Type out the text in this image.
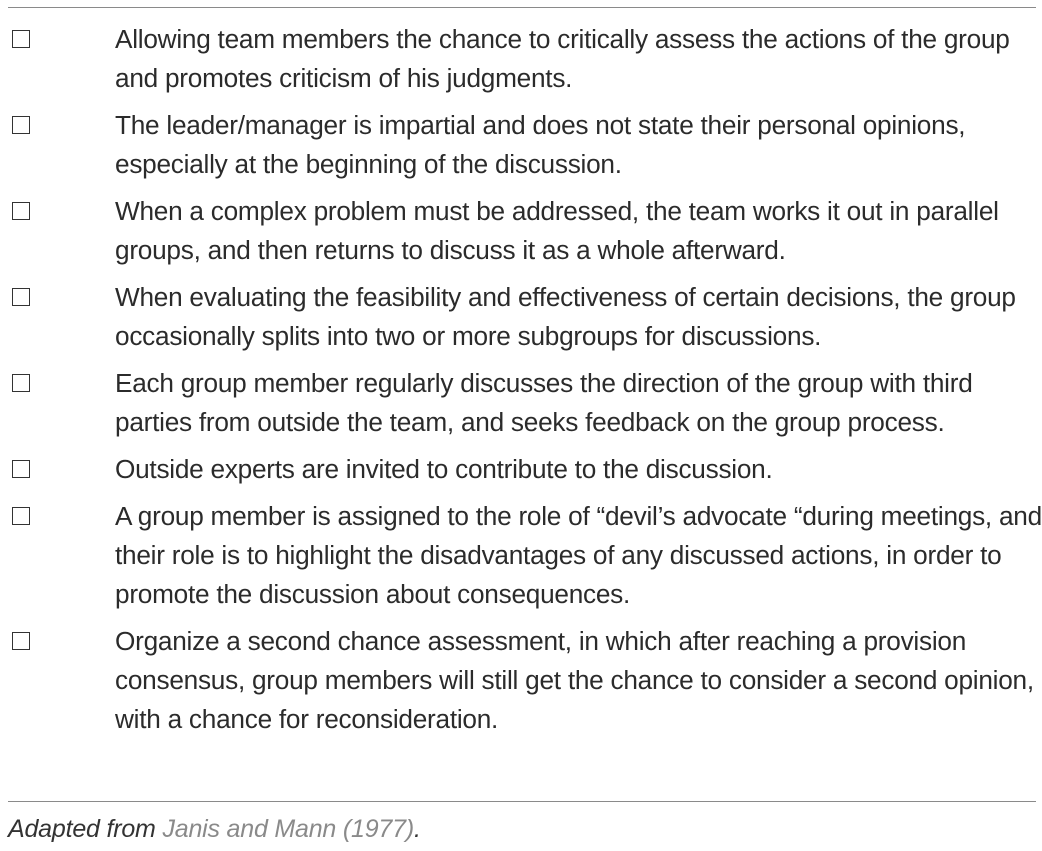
Allowing team members the chance to critically assess the actions of the group and promotes criticism of his judgments.
The leader/manager is impartial and does not state their personal opinions, especially at the beginning of the discussion.
When a complex problem must be addressed, the team works it out in parallel groups, and then returns to discuss it as a whole afterward.
When evaluating the feasibility and effectiveness of certain decisions, the group occasionally splits into two or more subgroups for discussions.
Each group member regularly discusses the direction of the group with third parties from outside the team, and seeks feedback on the group process.
Outside experts are invited to contribute to the discussion.
A group member is assigned to the role of “devil’s advocate “during meetings, and their role is to highlight the disadvantages of any discussed actions, in order to promote the discussion about consequences.
Organize a second chance assessment, in which after reaching a provision consensus, group members will still get the chance to consider a second opinion, with a chance for reconsideration.
Adapted from Janis and Mann (1977).
